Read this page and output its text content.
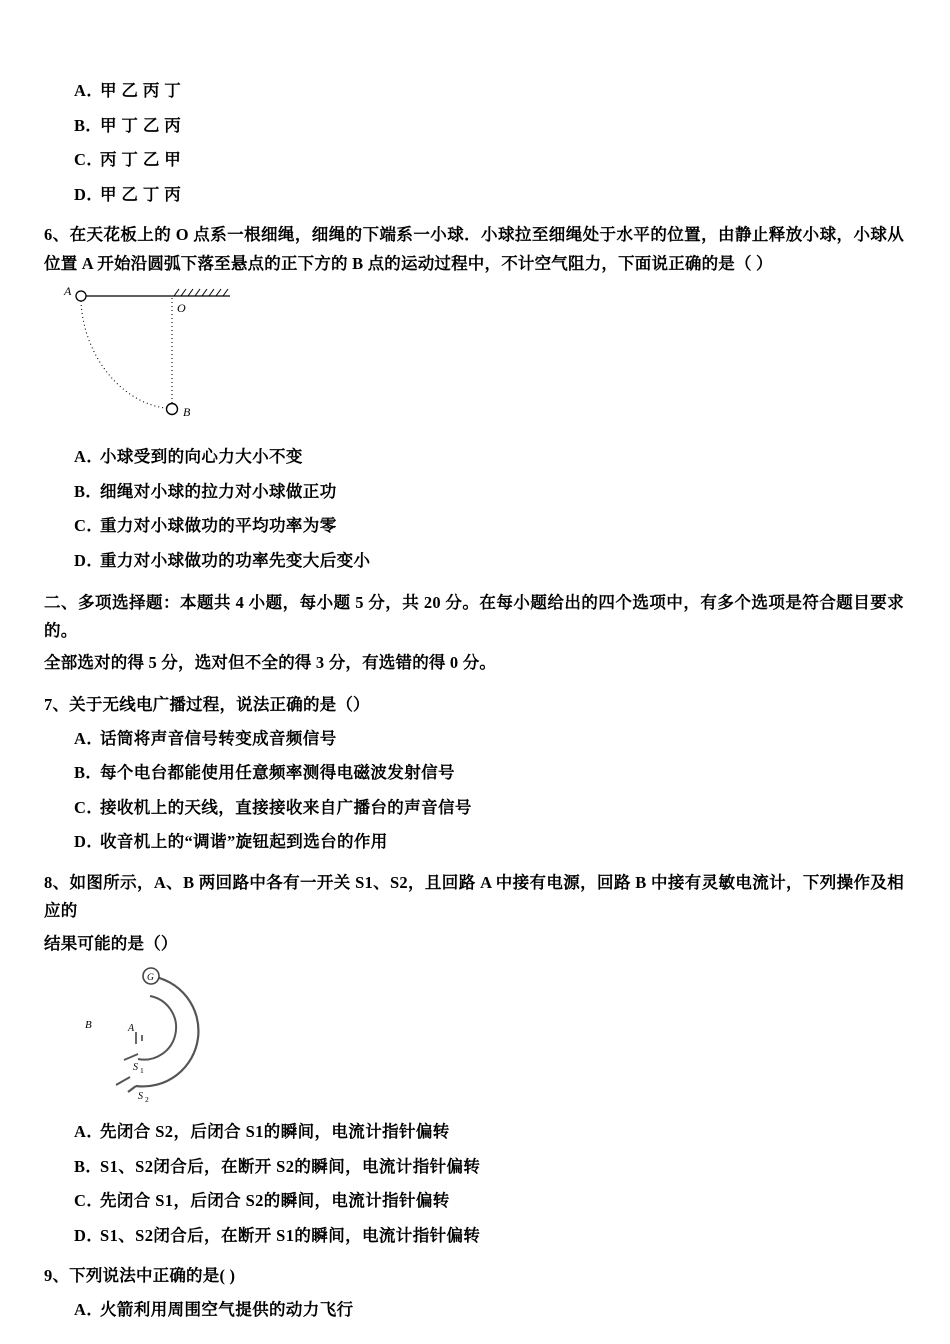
A．甲 乙 丙 丁

B．甲 丁 乙 丙

C．丙 丁 乙 甲

D．甲 乙 丁 丙

6、在天花板上的 O 点系一根细绳，细绳的下端系一小球．小球拉至细绳处于水平的位置，由静止释放小球，小球从位置 A 开始沿圆弧下落至悬点的正下方的 B 点的运动过程中，不计空气阻力，下面说正确的是（ ）

A
O
B

A．小球受到的向心力大小不变

B．细绳对小球的拉力对小球做正功

C．重力对小球做功的平均功率为零

D．重力对小球做功的功率先变大后变小

二、多项选择题：本题共 4 小题，每小题 5 分，共 20 分。在每小题给出的四个选项中，有多个选项是符合题目要求的。

全部选对的得 5 分，选对但不全的得 3 分，有选错的得 0 分。

7、关于无线电广播过程，说法正确的是（）

A．话筒将声音信号转变成音频信号

B．每个电台都能使用任意频率测得电磁波发射信号

C．接收机上的天线，直接接收来自广播台的声音信号

D．收音机上的“调谐”旋钮起到选台的作用

8、如图所示，A、B 两回路中各有一开关 S1、S2，且回路 A 中接有电源，回路 B 中接有灵敏电流计，下列操作及相应的

结果可能的是（）

S 2
S 1
G
A
B

A．先闭合 S2，后闭合 S1的瞬间，电流计指针偏转

B．S1、S2闭合后，在断开 S2的瞬间，电流计指针偏转

C．先闭合 S1，后闭合 S2的瞬间，电流计指针偏转

D．S1、S2闭合后，在断开 S1的瞬间，电流计指针偏转

9、下列说法中正确的是( )

A．火箭利用周围空气提供的动力飞行
